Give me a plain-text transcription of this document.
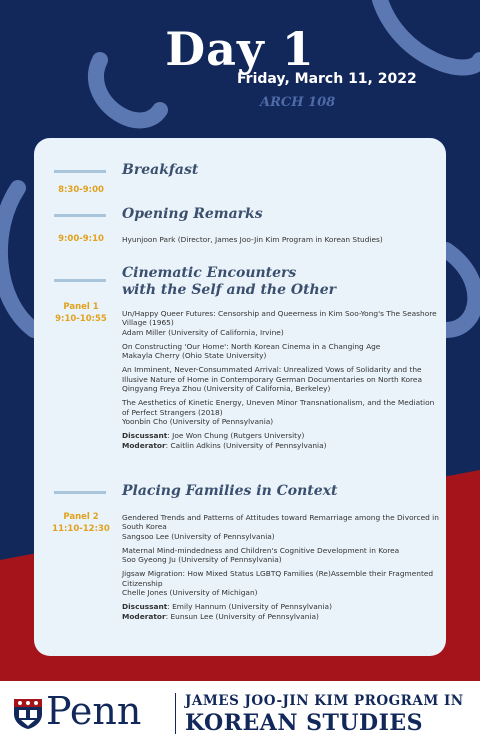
Day 1
Friday, March 11, 2022
ARCH 108
Breakfast
8:30-9:00
Opening Remarks
9:00-9:10	Hyunjoon Park (Director, James Joo-Jin Kim Program in Korean Studies)
Cinematic Encounters
with the Self and the Other
Panel 1
9:10-10:55

Un/Happy Queer Futures: Censorship and Queerness in Kim Soo-Yong's The Seashore Village (1965)
Adam Miller (University of California, Irvine)

On Constructing 'Our Home': North Korean Cinema in a Changing Age
Makayla Cherry (Ohio State University)

An Imminent, Never-Consummated Arrival: Unrealized Vows of Solidarity and the Illusive Nature of Home in Contemporary German Documentaries on North Korea
Qingyang Freya Zhou (University of California, Berkeley)

The Aesthetics of Kinetic Energy, Uneven Minor Transnationalism, and the Mediation of Perfect Strangers (2018)
Yoonbin Cho (University of Pennsylvania)

Discussant: Joe Won Chung (Rutgers University)
Moderator: Caitlin Adkins (University of Pennsylvania)

Placing Families in Context
Panel 2
11:10-12:30

Gendered Trends and Patterns of Attitudes toward Remarriage among the Divorced in South Korea
Sangsoo Lee (University of Pennsylvania)

Maternal Mind-mindedness and Children's Cognitive Development in Korea
Soo Gyeong Ju (University of Pennsylvania)

Jigsaw Migration: How Mixed Status LGBTQ Families (Re)Assemble their Fragmented Citizenship
Chelle Jones (University of Michigan)

Discussant: Emily Hannum (University of Pennsylvania)
Moderator: Eunsun Lee (University of Pennsylvania)

Penn	JAMES JOO-JIN KIM PROGRAM IN
KOREAN STUDIES
